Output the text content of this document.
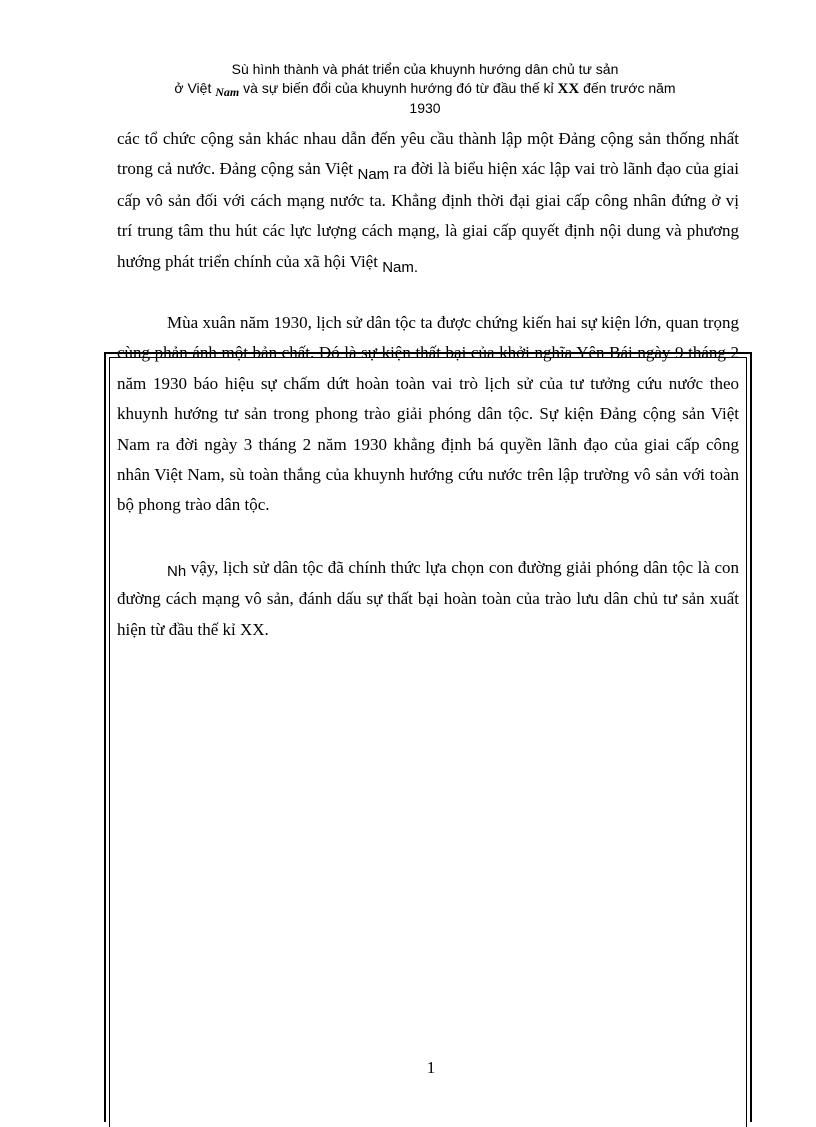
Sù hình thành và phát triển của khuynh hướng dân chủ tư sản
ở Việt Nam và sự biến đổi của khuynh hướng đó từ đầu thế kỉ XX đến trước năm
1930
các tổ chức cộng sản khác nhau dẫn đến yêu cầu thành lập một Đảng cộng sản thống nhất trong cả nước. Đảng cộng sản Việt Nam ra đời là biểu hiện xác lập vai trò lãnh đạo của giai cấp vô sản đối với cách mạng nước ta. Khẳng định thời đại giai cấp công nhân đứng ở vị trí trung tâm thu hút các lực lượng cách mạng, là giai cấp quyết định nội dung và phương hướng phát triển chính của xã hội Việt Nam.
Mùa xuân năm 1930, lịch sử dân tộc ta được chứng kiến hai sự kiện lớn, quan trọng cùng phản ánh một bản chất. Đó là sự kiện thất bại của khởi nghĩa Yên Bái ngày 9 tháng 2 năm 1930 báo hiệu sự chấm dứt hoàn toàn vai trò lịch sử của tư tưởng cứu nước theo khuynh hướng tư sản trong phong trào giải phóng dân tộc. Sự kiện Đảng cộng sản Việt Nam ra đời ngày 3 tháng 2 năm 1930 khẳng định bá quyền lãnh đạo của giai cấp công nhân Việt Nam, sù toàn thắng của khuynh hướng cứu nước trên lập trường vô sản với toàn bộ phong trào dân tộc.
Nh vậy, lịch sử dân tộc đã chính thức lựa chọn con đường giải phóng dân tộc là con đường cách mạng vô sản, đánh dấu sự thất bại hoàn toàn của trào lưu dân chủ tư sản xuất hiện từ đầu thế kỉ XX.
1
